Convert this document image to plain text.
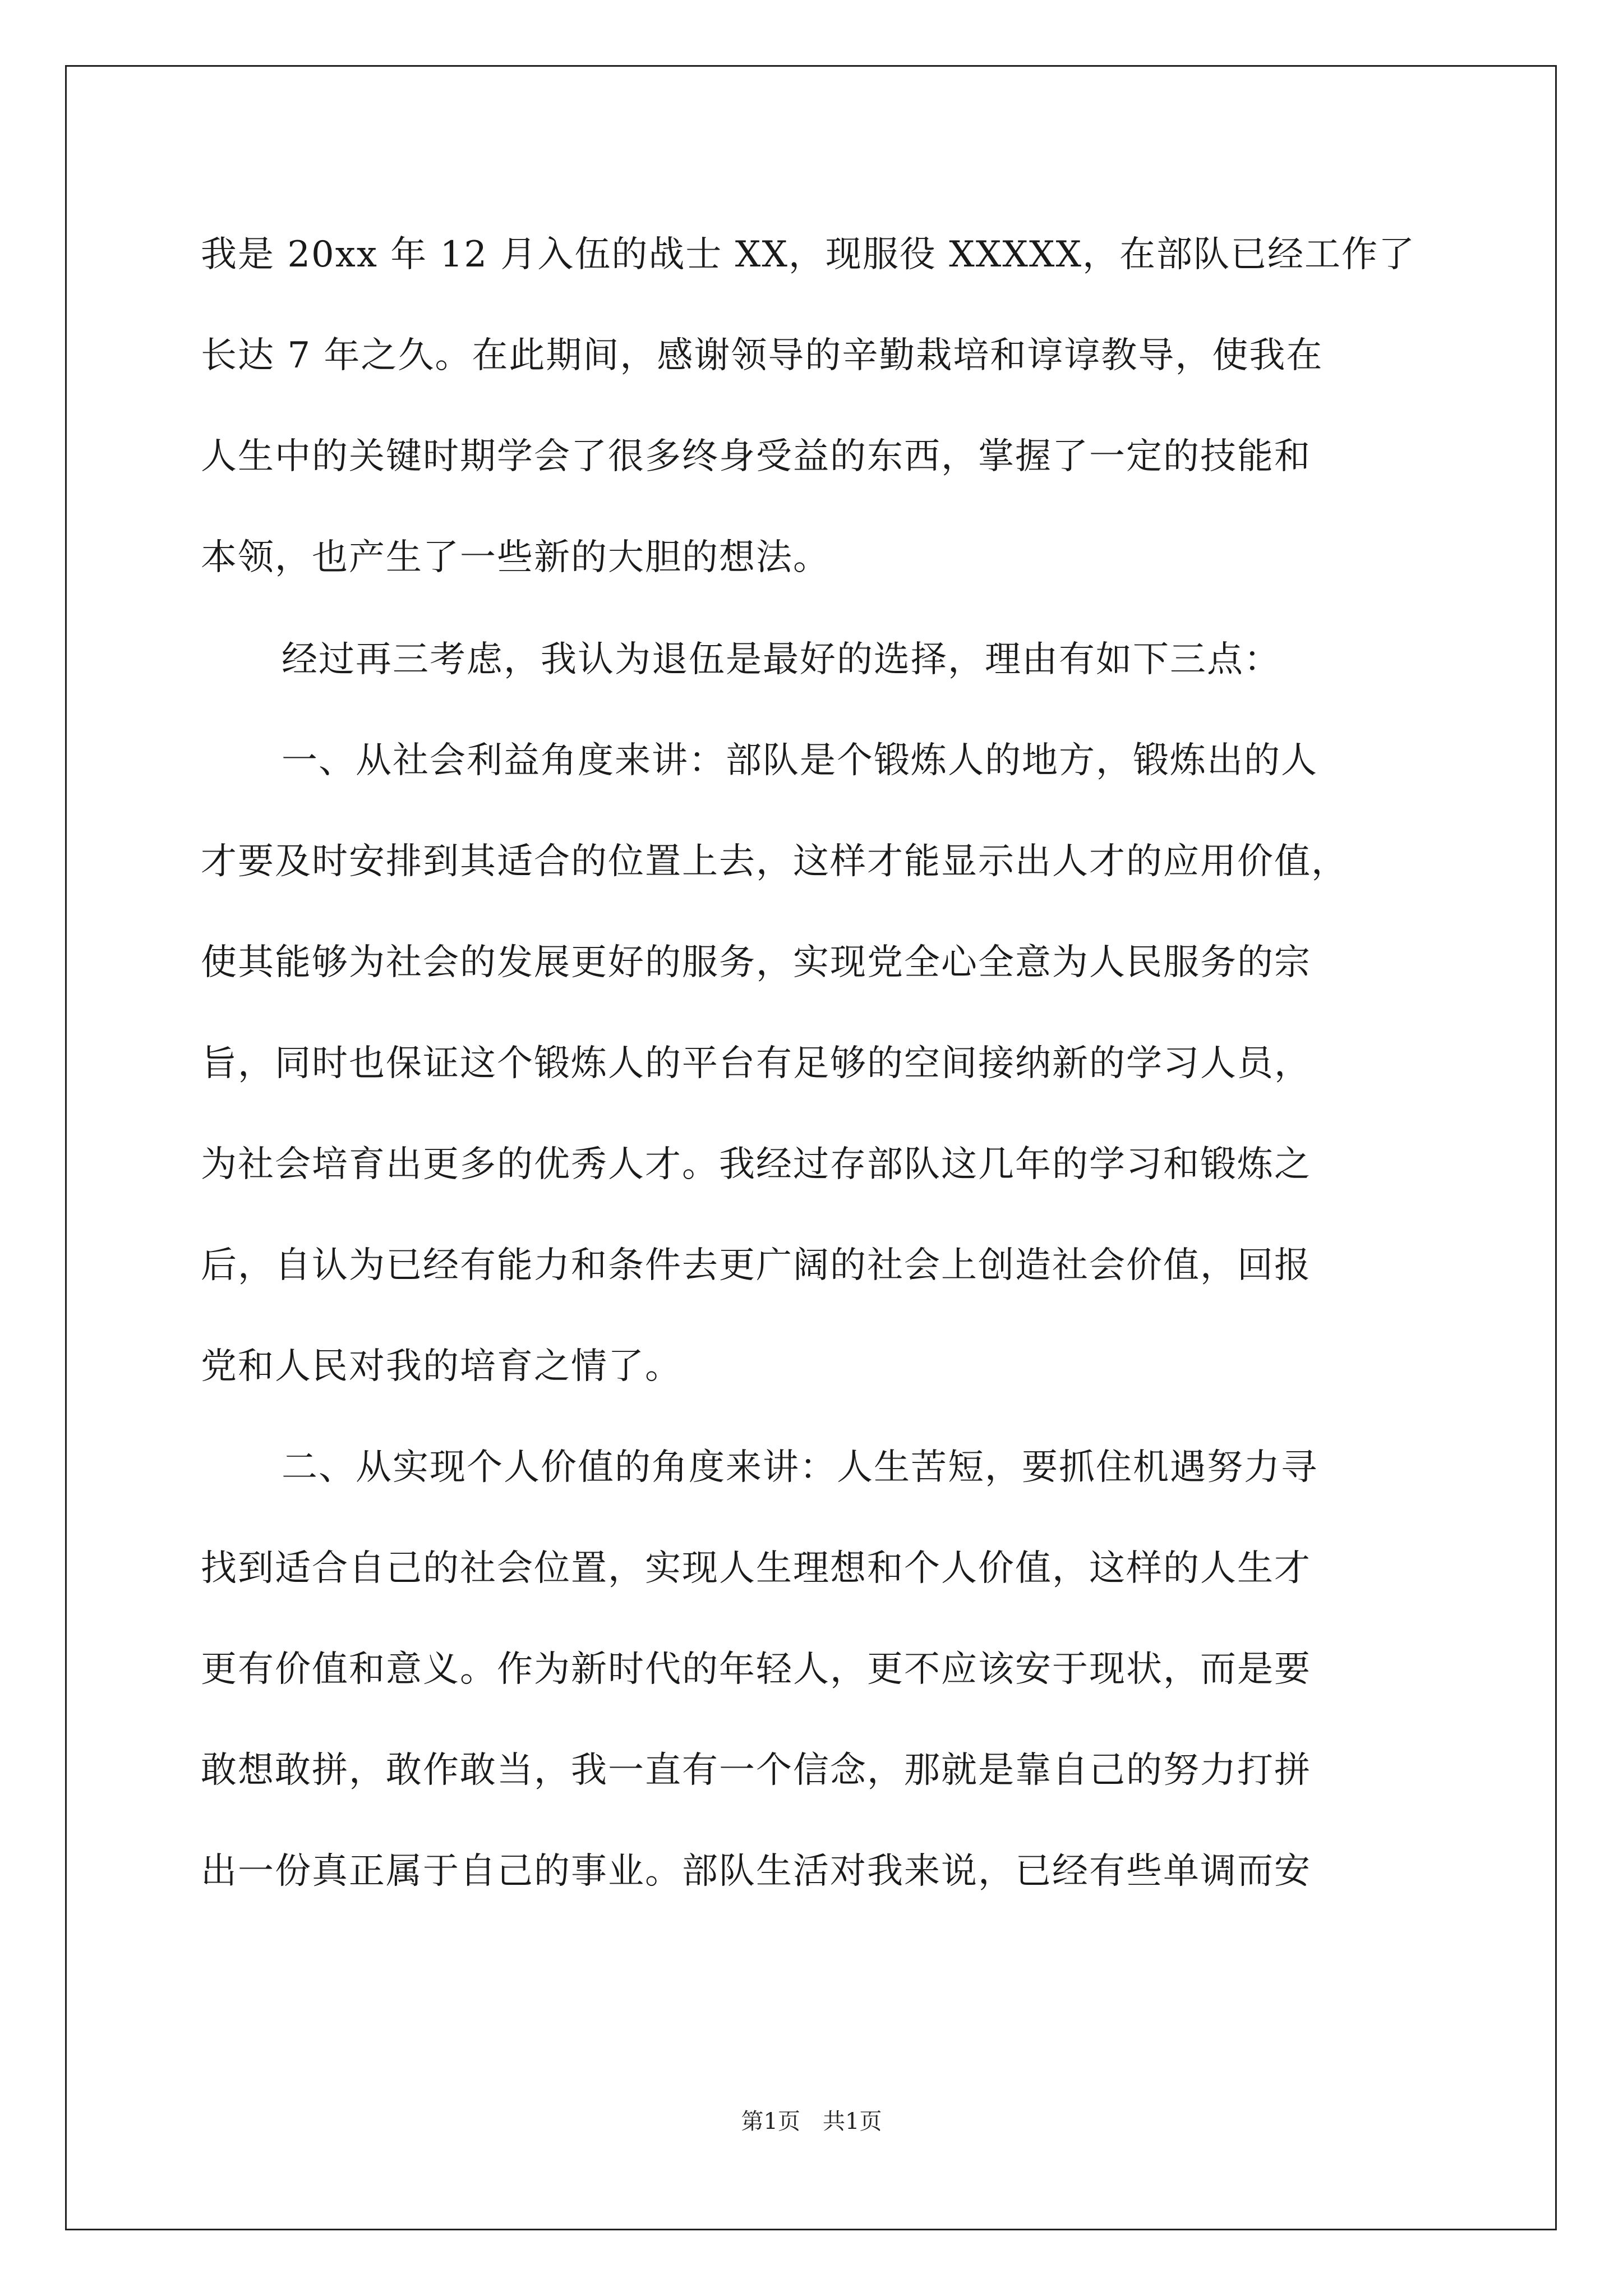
我是 20xx 年 12 月入伍的战士 XX，现服役 XXXXX，在部队已经工作了
长达 7 年之久。在此期间，感谢领导的辛勤栽培和谆谆教导，使我在
人生中的关键时期学会了很多终身受益的东西，掌握了一定的技能和
本领，也产生了一些新的大胆的想法。
经过再三考虑，我认为退伍是最好的选择，理由有如下三点：
一、从社会利益角度来讲：部队是个锻炼人的地方，锻炼出的人
才要及时安排到其适合的位置上去，这样才能显示出人才的应用价值，
使其能够为社会的发展更好的服务，实现党全心全意为人民服务的宗
旨，同时也保证这个锻炼人的平台有足够的空间接纳新的学习人员，
为社会培育出更多的优秀人才。我经过存部队这几年的学习和锻炼之
后，自认为已经有能力和条件去更广阔的社会上创造社会价值，回报
党和人民对我的培育之情了。
二、从实现个人价值的角度来讲：人生苦短，要抓住机遇努力寻
找到适合自己的社会位置，实现人生理想和个人价值，这样的人生才
更有价值和意义。作为新时代的年轻人，更不应该安于现状，而是要
敢想敢拼，敢作敢当，我一直有一个信念，那就是靠自己的努力打拼
出一份真正属于自己的事业。部队生活对我来说，已经有些单调而安
第1页　共1页
